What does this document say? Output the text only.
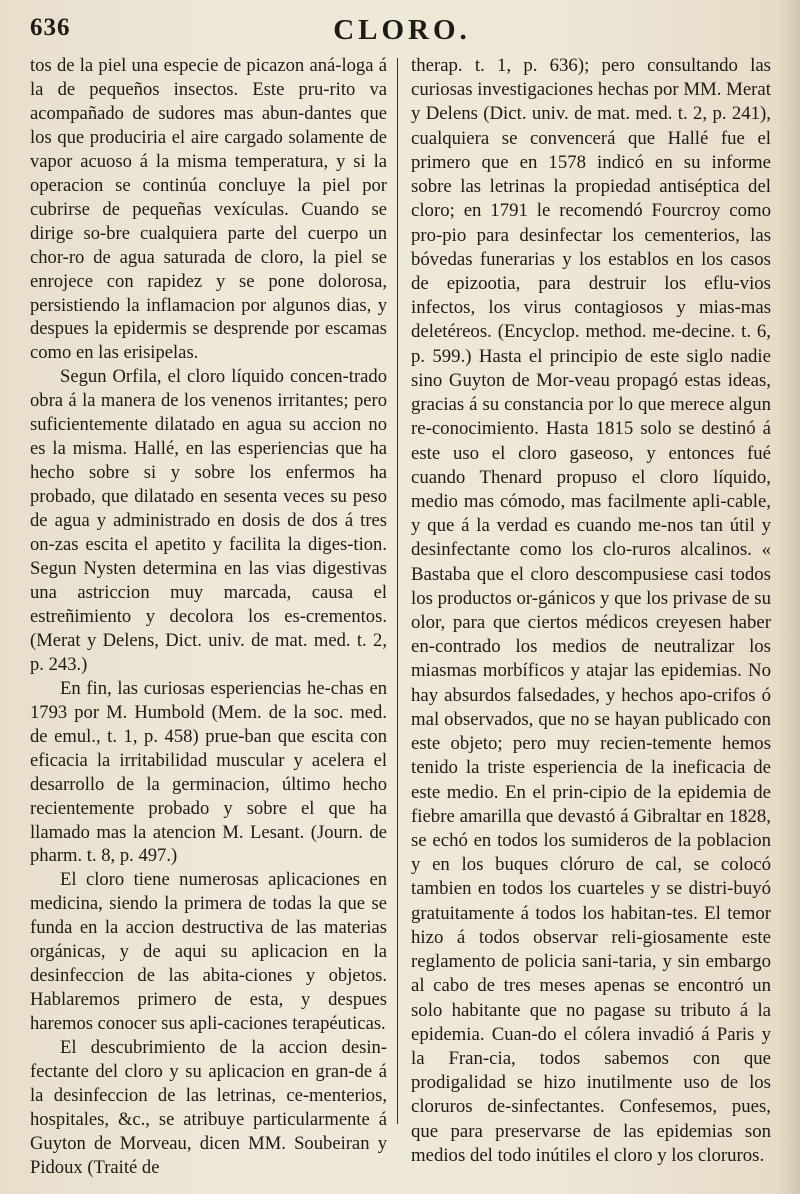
636	CLORO.

tos de la piel una especie de picazon aná-loga á la de pequeños insectos. Este pru-rito va acompañado de sudores mas abun-dantes que los que produciria el aire cargado solamente de vapor acuoso á la misma temperatura, y si la operacion se continúa concluye la piel por cubrirse de pequeñas vexículas. Cuando se dirige so-bre cualquiera parte del cuerpo un chor-ro de agua saturada de cloro, la piel se enrojece con rapidez y se pone dolorosa, persistiendo la inflamacion por algunos dias, y despues la epidermis se desprende por escamas como en las erisipelas.

Segun Orfila, el cloro líquido concen-trado obra á la manera de los venenos irritantes; pero suficientemente dilatado en agua su accion no es la misma. Hallé, en las esperiencias que ha hecho sobre si y sobre los enfermos ha probado, que dilatado en sesenta veces su peso de agua y administrado en dosis de dos á tres on-zas escita el apetito y facilita la diges-tion. Segun Nysten determina en las vias digestivas una astriccion muy marcada, causa el estreñimiento y decolora los es-crementos. (Merat y Delens, Dict. univ. de mat. med. t. 2, p. 243.)

En fin, las curiosas esperiencias he-chas en 1793 por M. Humbold (Mem. de la soc. med. de emul., t. 1, p. 458) prue-ban que escita con eficacia la irritabilidad muscular y acelera el desarrollo de la germinacion, último hecho recientemente probado y sobre el que ha llamado mas la atencion M. Lesant. (Journ. de pharm. t. 8, p. 497.)

El cloro tiene numerosas aplicaciones en medicina, siendo la primera de todas la que se funda en la accion destructiva de las materias orgánicas, y de aqui su aplicacion en la desinfeccion de las abita-ciones y objetos. Hablaremos primero de esta, y despues haremos conocer sus apli-caciones terapéuticas.

El descubrimiento de la accion desin-fectante del cloro y su aplicacion en gran-de á la desinfeccion de las letrinas, ce-menterios, hospitales, &c., se atribuye particularmente á Guyton de Morveau, dicen MM. Soubeiran y Pidoux (Traité de

therap. t. 1, p. 636); pero consultando las curiosas investigaciones hechas por MM. Merat y Delens (Dict. univ. de mat. med. t. 2, p. 241), cualquiera se convencerá que Hallé fue el primero que en 1578 indicó en su informe sobre las letrinas la propiedad antiséptica del cloro; en 1791 le recomendó Fourcroy como pro-pio para desinfectar los cementerios, las bóvedas funerarias y los establos en los casos de epizootia, para destruir los eflu-vios infectos, los virus contagiosos y mias-mas deletéreos. (Encyclop. method. me-decine. t. 6, p. 599.) Hasta el principio de este siglo nadie sino Guyton de Mor-veau propagó estas ideas, gracias á su constancia por lo que merece algun re-conocimiento. Hasta 1815 solo se destinó á este uso el cloro gaseoso, y entonces fué cuando Thenard propuso el cloro líquido, medio mas cómodo, mas facilmente apli-cable, y que á la verdad es cuando me-nos tan útil y desinfectante como los clo-ruros alcalinos. « Bastaba que el cloro descompusiese casi todos los productos or-gánicos y que los privase de su olor, para que ciertos médicos creyesen haber en-contrado los medios de neutralizar los miasmas morbíficos y atajar las epidemias. No hay absurdos falsedades, y hechos apo-crifos ó mal observados, que no se hayan publicado con este objeto; pero muy recien-temente hemos tenido la triste esperiencia de la ineficacia de este medio. En el prin-cipio de la epidemia de fiebre amarilla que devastó á Gibraltar en 1828, se echó en todos los sumideros de la poblacion y en los buques clóruro de cal, se colocó tambien en todos los cuarteles y se distri-buyó gratuitamente á todos los habitan-tes. El temor hizo á todos observar reli-giosamente este reglamento de policia sani-taria, y sin embargo al cabo de tres meses apenas se encontró un solo habitante que no pagase su tributo á la epidemia. Cuan-do el cólera invadió á Paris y la Fran-cia, todos sabemos con que prodigalidad se hizo inutilmente uso de los cloruros de-sinfectantes. Confesemos, pues, que para preservarse de las epidemias son medios del todo inútiles el cloro y los cloruros.
